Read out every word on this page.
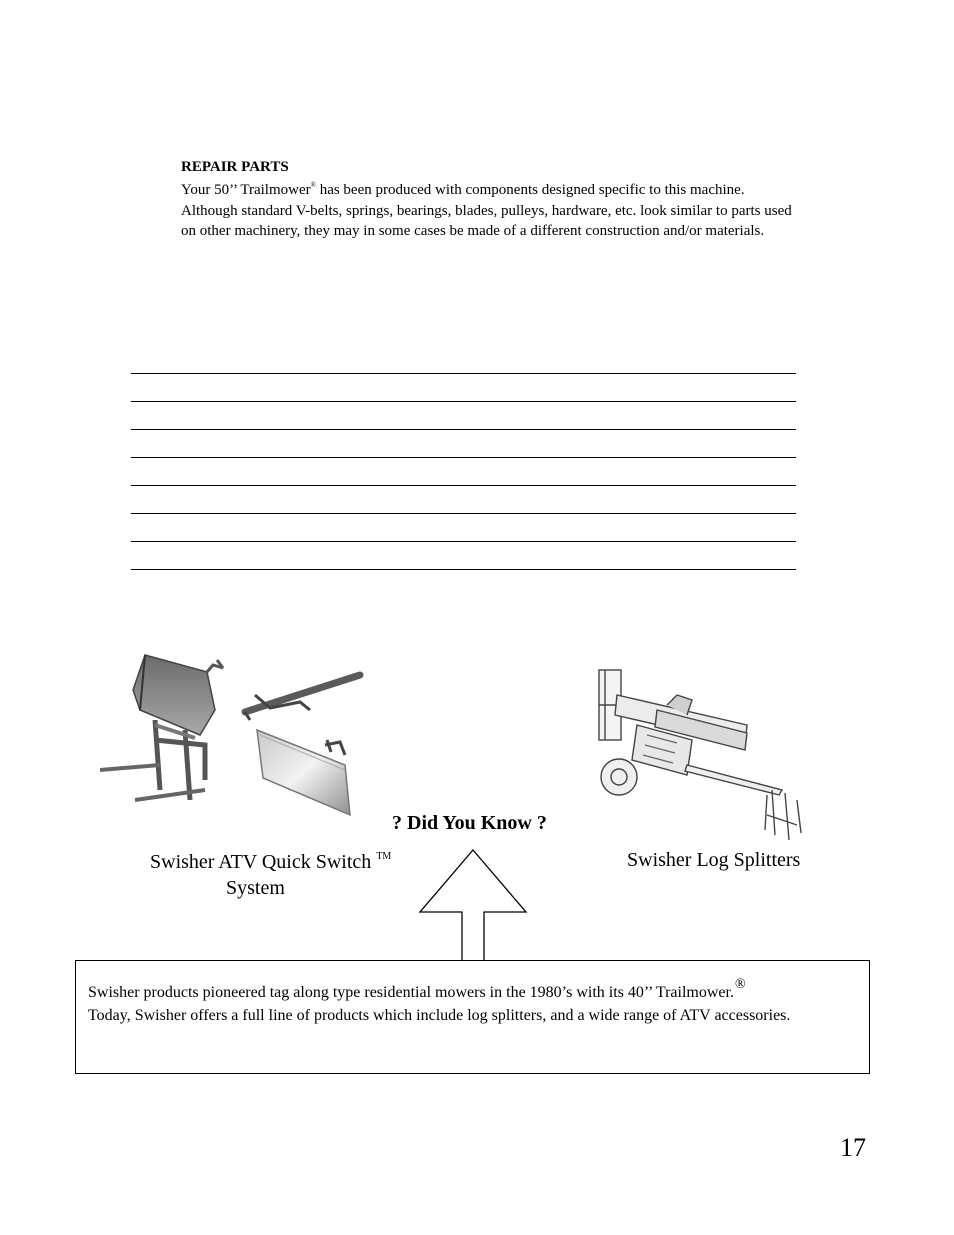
REPAIR PARTS
Your 50’’ Trailmower® has been produced with components designed specific to this machine. Although standard V-belts, springs, bearings, blades, pulleys, hardware, etc. look similar to parts used on other machinery, they may in some cases be made of a different construction and/or materials.
? Did You Know ?
Swisher ATV Quick Switch ™
System
Swisher Log Splitters
Swisher products pioneered tag along type residential mowers in the 1980’s with its 40’’ Trailmower.®
Today, Swisher offers a full line of products which include log splitters, and a wide range of ATV accessories.
17
